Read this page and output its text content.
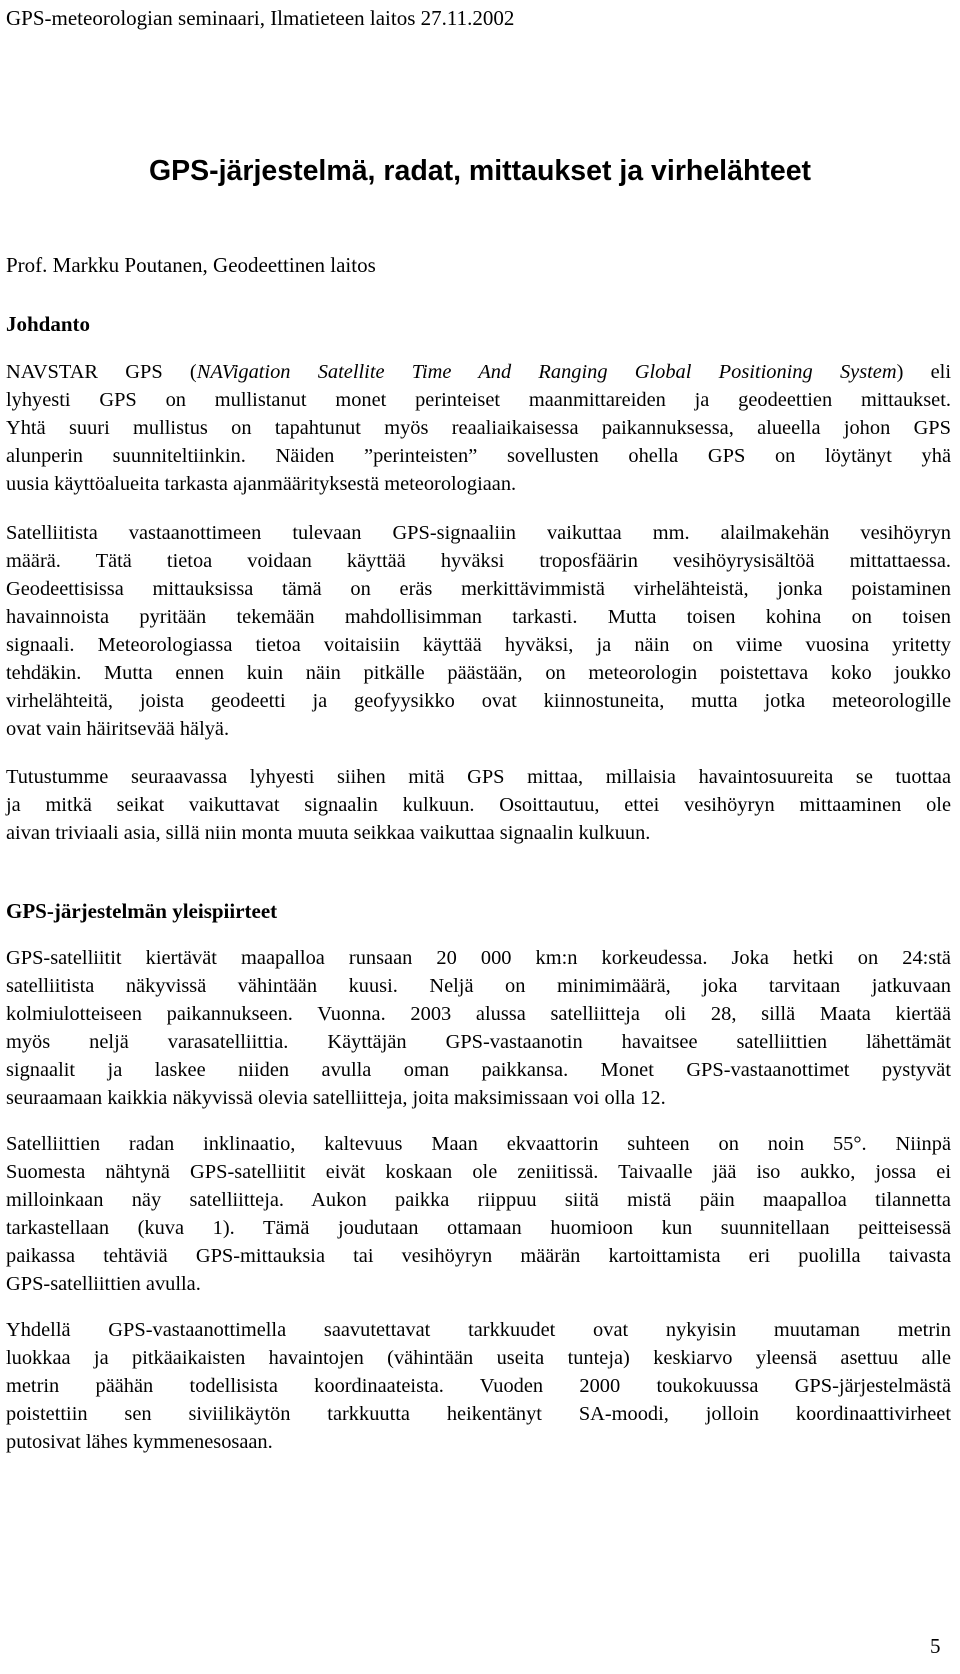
GPS-meteorologian seminaari, Ilmatieteen laitos 27.11.2002
GPS-järjestelmä, radat, mittaukset ja virhelähteet
Prof. Markku Poutanen, Geodeettinen laitos
Johdanto
NAVSTAR GPS (NAVigation Satellite Time And Ranging Global Positioning System) eli
lyhyesti GPS on mullistanut monet perinteiset maanmittareiden ja geodeettien mittaukset.
Yhtä suuri mullistus on tapahtunut myös reaaliaikaisessa paikannuksessa, alueella johon GPS
alunperin suunniteltiinkin. Näiden ”perinteisten” sovellusten ohella GPS on löytänyt yhä
uusia käyttöalueita tarkasta ajanmäärityksestä meteorologiaan.
Satelliitista vastaanottimeen tulevaan GPS-signaaliin vaikuttaa mm. alailmakehän vesihöyryn
määrä. Tätä tietoa voidaan käyttää hyväksi troposfäärin vesihöyrysisältöä mittattaessa.
Geodeettisissa mittauksissa tämä on eräs merkittävimmistä virhelähteistä, jonka poistaminen
havainnoista pyritään tekemään mahdollisimman tarkasti. Mutta toisen kohina on toisen
signaali. Meteorologiassa tietoa voitaisiin käyttää hyväksi, ja näin on viime vuosina yritetty
tehdäkin. Mutta ennen kuin näin pitkälle päästään, on meteorologin poistettava koko joukko
virhelähteitä, joista geodeetti ja geofyysikko ovat kiinnostuneita, mutta jotka meteorologille
ovat vain häiritsevää hälyä.
Tutustumme seuraavassa lyhyesti siihen mitä GPS mittaa, millaisia havaintosuureita se tuottaa
ja mitkä seikat vaikuttavat signaalin kulkuun. Osoittautuu, ettei vesihöyryn mittaaminen ole
aivan triviaali asia, sillä niin monta muuta seikkaa vaikuttaa signaalin kulkuun.
GPS-järjestelmän yleispiirteet
GPS-satelliitit kiertävät maapalloa runsaan 20 000 km:n korkeudessa. Joka hetki on 24:stä
satelliitista näkyvissä vähintään kuusi. Neljä on minimimäärä, joka tarvitaan jatkuvaan
kolmiulotteiseen paikannukseen. Vuonna. 2003 alussa satelliitteja oli 28, sillä Maata kiertää
myös neljä varasatelliittia. Käyttäjän GPS-vastaanotin havaitsee satelliittien lähettämät
signaalit ja laskee niiden avulla oman paikkansa. Monet GPS-vastaanottimet pystyvät
seuraamaan kaikkia näkyvissä olevia satelliitteja, joita maksimissaan voi olla 12.
Satelliittien radan inklinaatio, kaltevuus Maan ekvaattorin suhteen on noin 55°. Niinpä
Suomesta nähtynä GPS-satelliitit eivät koskaan ole zeniitissä. Taivaalle jää iso aukko, jossa ei
milloinkaan näy satelliitteja. Aukon paikka riippuu siitä mistä päin maapalloa tilannetta
tarkastellaan (kuva 1). Tämä joudutaan ottamaan huomioon kun suunnitellaan peitteisessä
paikassa tehtäviä GPS-mittauksia tai vesihöyryn määrän kartoittamista eri puolilla taivasta
GPS-satelliittien avulla.
Yhdellä GPS-vastaanottimella saavutettavat tarkkuudet ovat nykyisin muutaman metrin
luokkaa ja pitkäaikaisten havaintojen (vähintään useita tunteja) keskiarvo yleensä asettuu alle
metrin päähän todellisista koordinaateista. Vuoden 2000 toukokuussa GPS-järjestelmästä
poistettiin sen siviilikäytön tarkkuutta heikentänyt SA-moodi, jolloin koordinaattivirheet
putosivat lähes kymmenesosaan.
5
